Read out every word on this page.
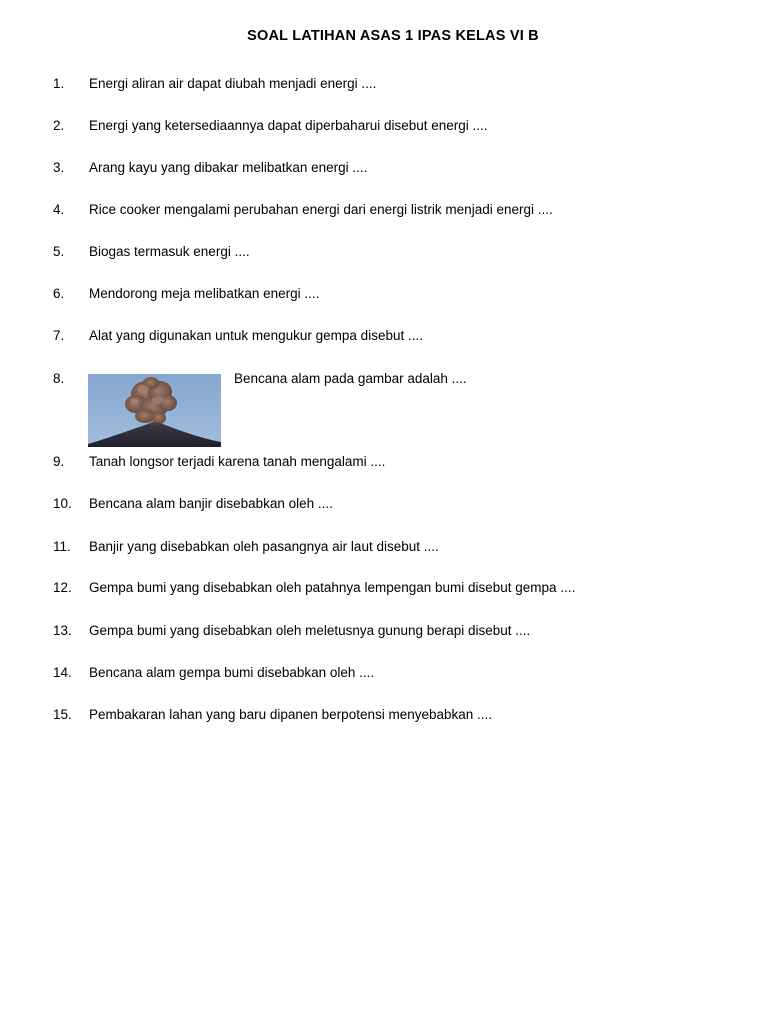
SOAL LATIHAN ASAS 1 IPAS KELAS VI B
1. Energi aliran air dapat diubah menjadi energi ....
2. Energi yang ketersediaannya dapat diperbaharui disebut energi ....
3. Arang kayu yang dibakar melibatkan energi ....
4. Rice cooker mengalami perubahan energi dari energi listrik menjadi energi ....
5. Biogas termasuk energi ....
6. Mendorong meja melibatkan energi ....
7. Alat yang digunakan untuk mengukur gempa disebut ....
8.	Bencana alam pada gambar adalah ....
9. Tanah longsor terjadi karena tanah mengalami ....
10. Bencana alam banjir disebabkan oleh ....
11. Banjir yang disebabkan oleh pasangnya air laut disebut ....
12. Gempa bumi yang disebabkan oleh patahnya lempengan bumi disebut gempa ....
13. Gempa bumi yang disebabkan oleh meletusnya gunung berapi disebut ....
14. Bencana alam gempa bumi disebabkan oleh ....
15. Pembakaran lahan yang baru dipanen berpotensi menyebabkan ....
